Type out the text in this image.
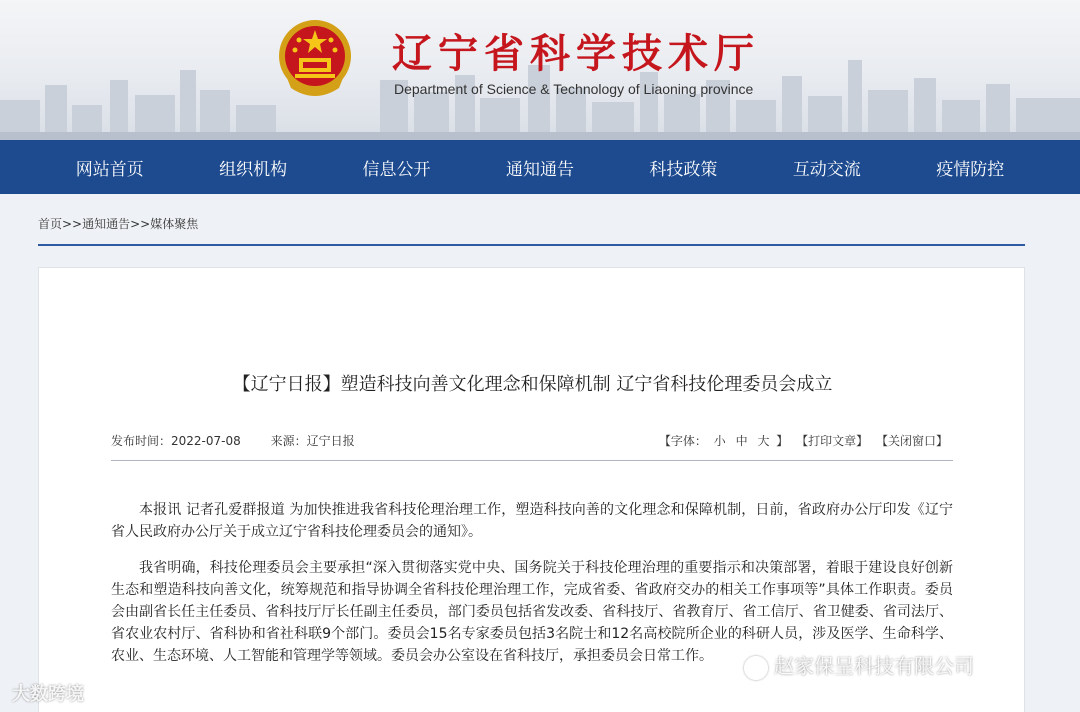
辽宁省科学技术厅
Department of Science & Technology of Liaoning province
网站首页	组织机构	信息公开	通知通告	科技政策	互动交流	疫情防控
首页>>通知通告>>媒体聚焦
【辽宁日报】塑造科技向善文化理念和保障机制 辽宁省科技伦理委员会成立
发布时间：2022-07-08 来源：辽宁日报	【字体： 小 中 大 】 【打印文章】 【关闭窗口】

本报讯 记者孔爱群报道 为加快推进我省科技伦理治理工作，塑造科技向善的文化理念和保障机制，日前，省政府办公厅印发《辽宁省人民政府办公厅关于成立辽宁省科技伦理委员会的通知》。

我省明确，科技伦理委员会主要承担“深入贯彻落实党中央、国务院关于科技伦理治理的重要指示和决策部署，着眼于建设良好创新生态和塑造科技向善文化，统筹规范和指导协调全省科技伦理治理工作，完成省委、省政府交办的相关工作事项等”具体工作职责。委员会由副省长任主任委员、省科技厅厅长任副主任委员，部门委员包括省发改委、省科技厅、省教育厅、省工信厅、省卫健委、省司法厅、省农业农村厅、省科协和省社科联9个部门。委员会15名专家委员包括3名院士和12名高校院所企业的科研人员，涉及医学、生命科学、农业、生态环境、人工智能和管理学等领域。委员会办公室设在省科技厅，承担委员会日常工作。

大数跨境
赵家保呈科技有限公司
